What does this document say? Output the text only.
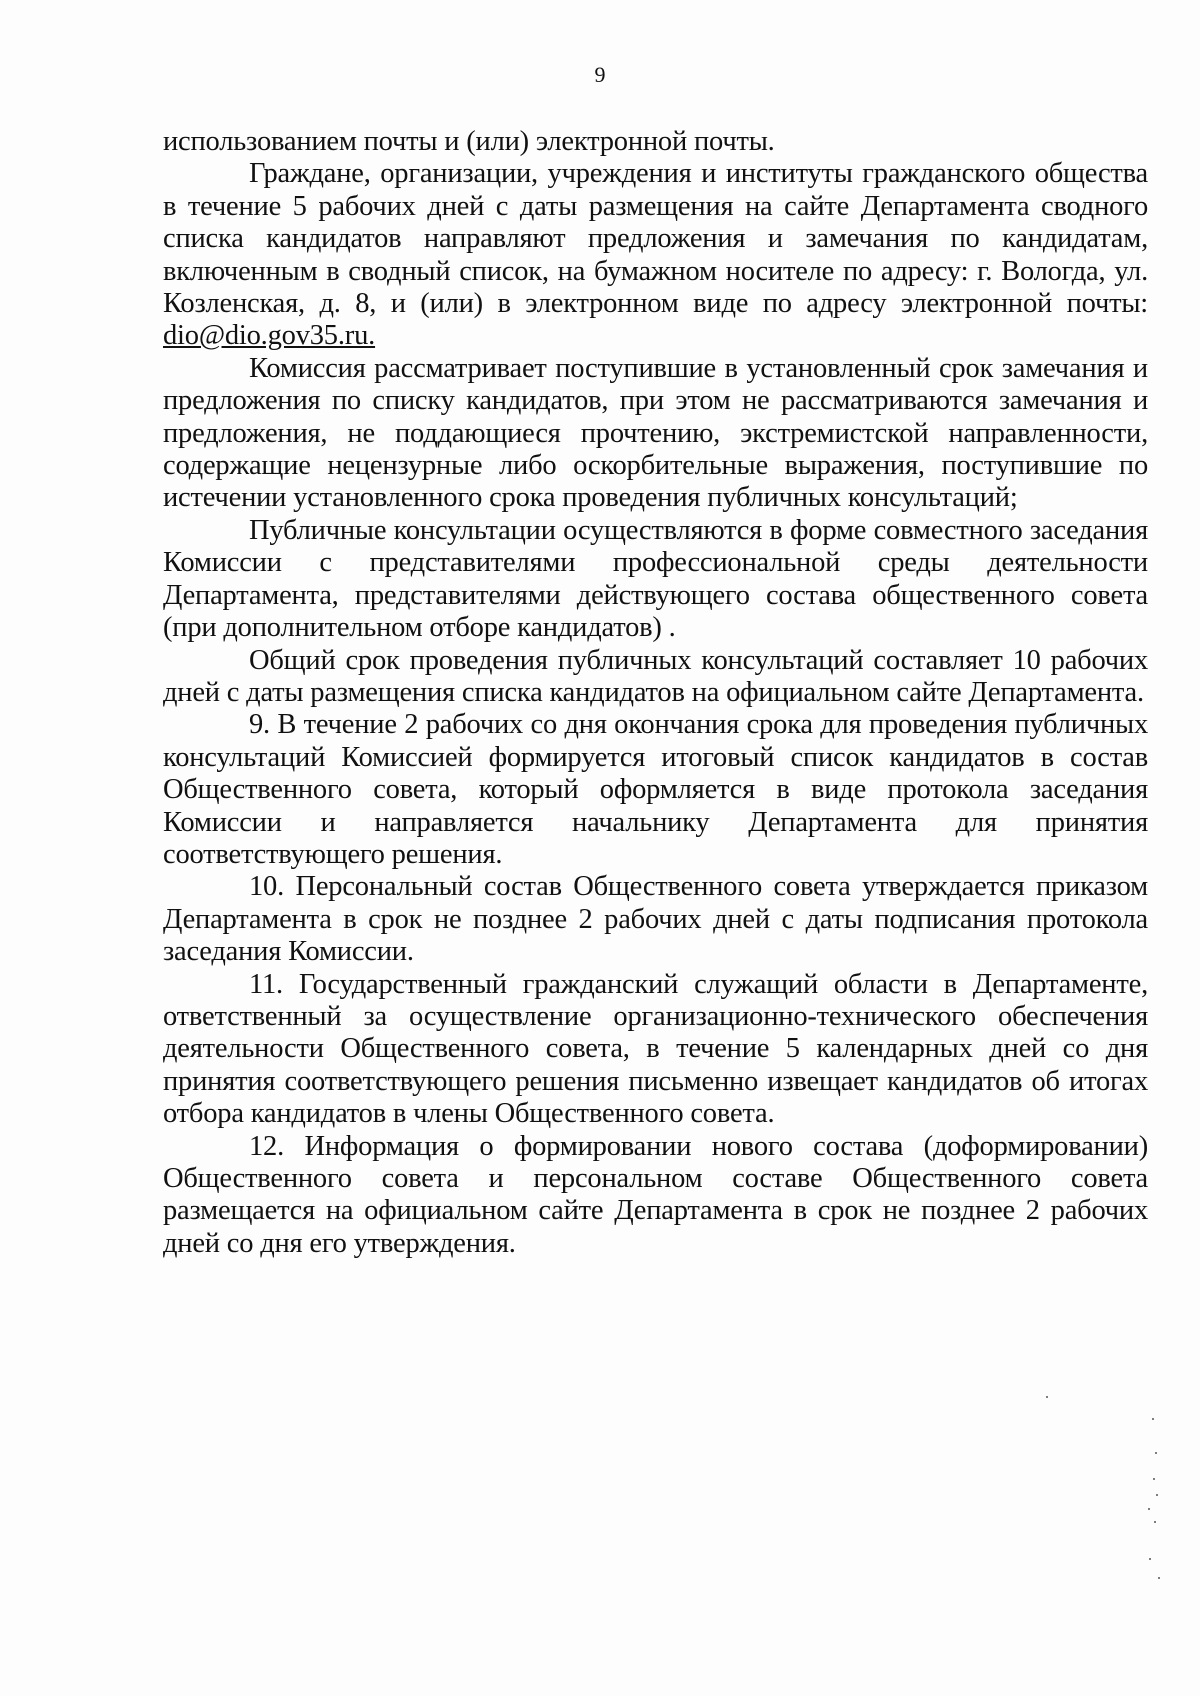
9

использованием почты и (или) электронной почты.

Граждане, организации, учреждения и институты гражданского общества в течение 5 рабочих дней с даты размещения на сайте Департамента сводного списка кандидатов направляют предложения и замечания по кандидатам, включенным в сводный список, на бумажном носителе по адресу: г. Вологда, ул. Козленская, д. 8, и (или) в электронном виде по адресу электронной почты: dio@dio.gov35.ru.

Комиссия рассматривает поступившие в установленный срок замечания и предложения по списку кандидатов, при этом не рассматриваются замечания и предложения, не поддающиеся прочтению, экстремистской направленности, содержащие нецензурные либо оскорбительные выражения, поступившие по истечении установленного срока проведения публичных консультаций;

Публичные консультации осуществляются в форме совместного заседания Комиссии с представителями профессиональной среды деятельности Департамента, представителями действующего состава общественного совета (при дополнительном отборе кандидатов) .

Общий срок проведения публичных консультаций составляет 10 рабочих дней с даты размещения списка кандидатов на официальном сайте Департамента.

9. В течение 2 рабочих со дня окончания срока для проведения публичных консультаций Комиссией формируется итоговый список кандидатов в состав Общественного совета, который оформляется в виде протокола заседания Комиссии и направляется начальнику Департамента для принятия соответствующего решения.

10. Персональный состав Общественного совета утверждается приказом Департамента в срок не позднее 2 рабочих дней с даты подписания протокола заседания Комиссии.

11. Государственный гражданский служащий области в Департаменте, ответственный за осуществление организационно-технического обеспечения деятельности Общественного совета, в течение 5 календарных дней со дня принятия соответствующего решения письменно извещает кандидатов об итогах отбора кандидатов в члены Общественного совета.

12. Информация о формировании нового состава (доформировании) Общественного совета и персональном составе Общественного совета размещается на официальном сайте Департамента в срок не позднее 2 рабочих дней со дня его утверждения.
